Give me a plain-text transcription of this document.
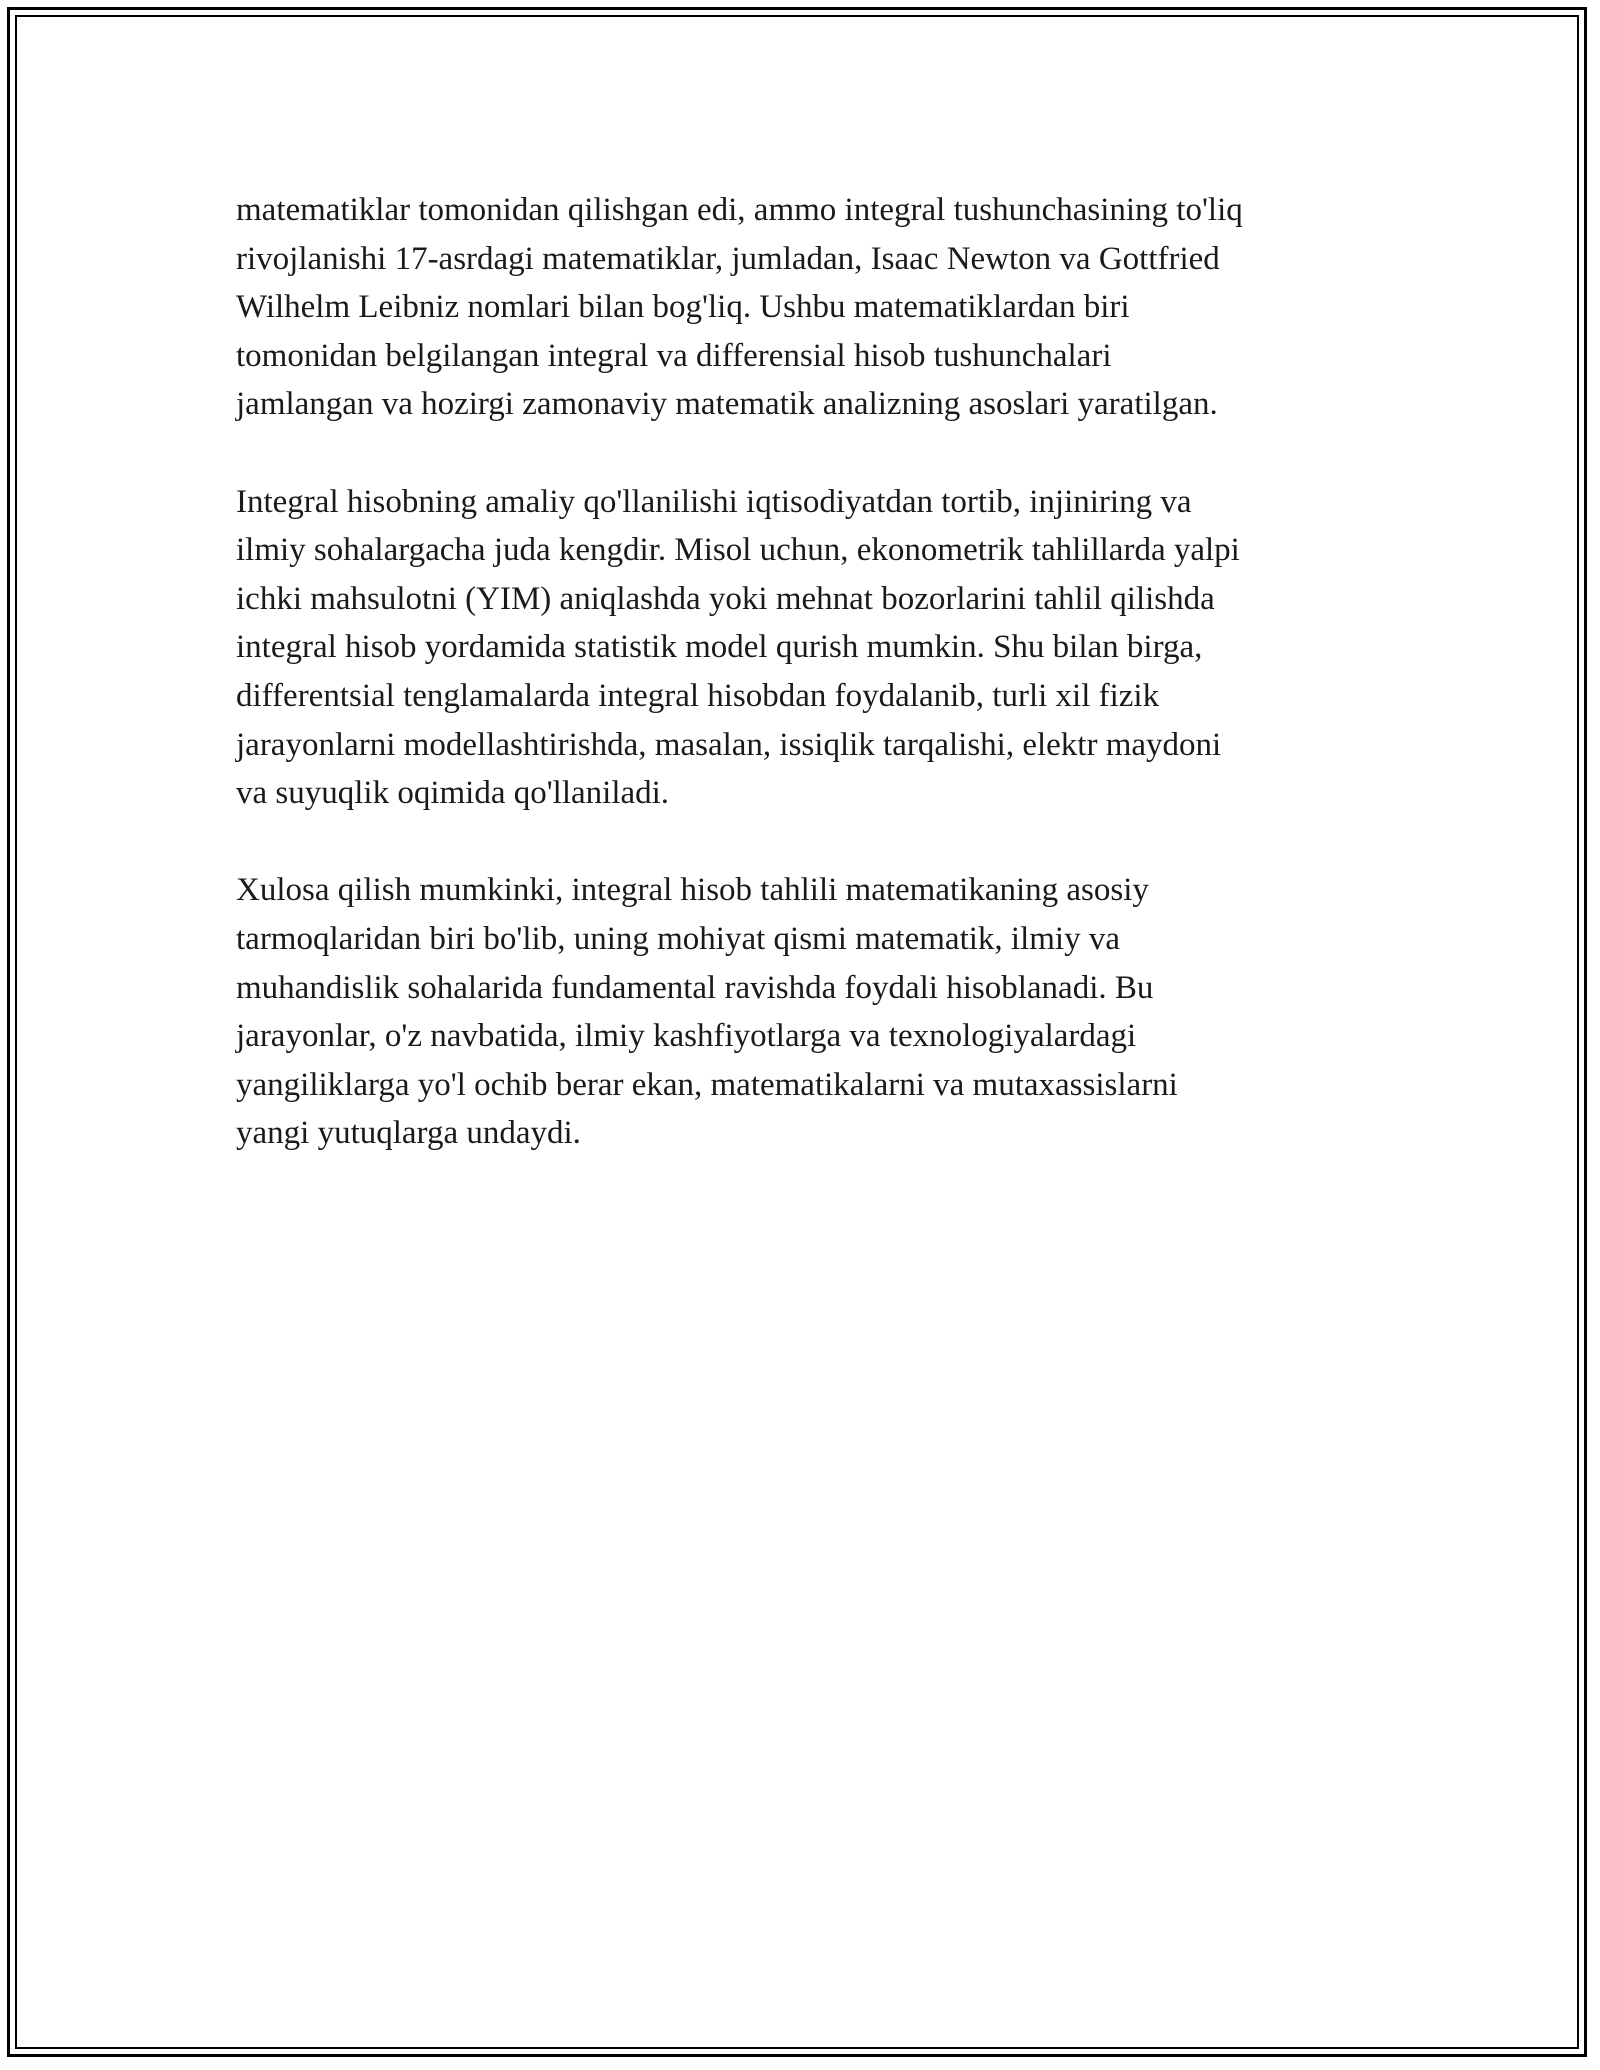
matematiklar tomonidan qilishgan edi, ammo integral tushunchasining to'liq
rivojlanishi 17-asrdagi matematiklar, jumladan, Isaac Newton va Gottfried
Wilhelm Leibniz nomlari bilan bog'liq. Ushbu matematiklardan biri
tomonidan belgilangan integral va differensial hisob tushunchalari
jamlangan va hozirgi zamonaviy matematik analizning asoslari yaratilgan.
Integral hisobning amaliy qo'llanilishi iqtisodiyatdan tortib, injiniring va
ilmiy sohalargacha juda kengdir. Misol uchun, ekonometrik tahlillarda yalpi
ichki mahsulotni (YIM) aniqlashda yoki mehnat bozorlarini tahlil qilishda
integral hisob yordamida statistik model qurish mumkin. Shu bilan birga,
differentsial tenglamalarda integral hisobdan foydalanib, turli xil fizik
jarayonlarni modellashtirishda, masalan, issiqlik tarqalishi, elektr maydoni
va suyuqlik oqimida qo'llaniladi.
Xulosa qilish mumkinki, integral hisob tahlili matematikaning asosiy
tarmoqlaridan biri bo'lib, uning mohiyat qismi matematik, ilmiy va
muhandislik sohalarida fundamental ravishda foydali hisoblanadi. Bu
jarayonlar, o'z navbatida, ilmiy kashfiyotlarga va texnologiyalardagi
yangiliklarga yo'l ochib berar ekan, matematikalarni va mutaxassislarni
yangi yutuqlarga undaydi.
